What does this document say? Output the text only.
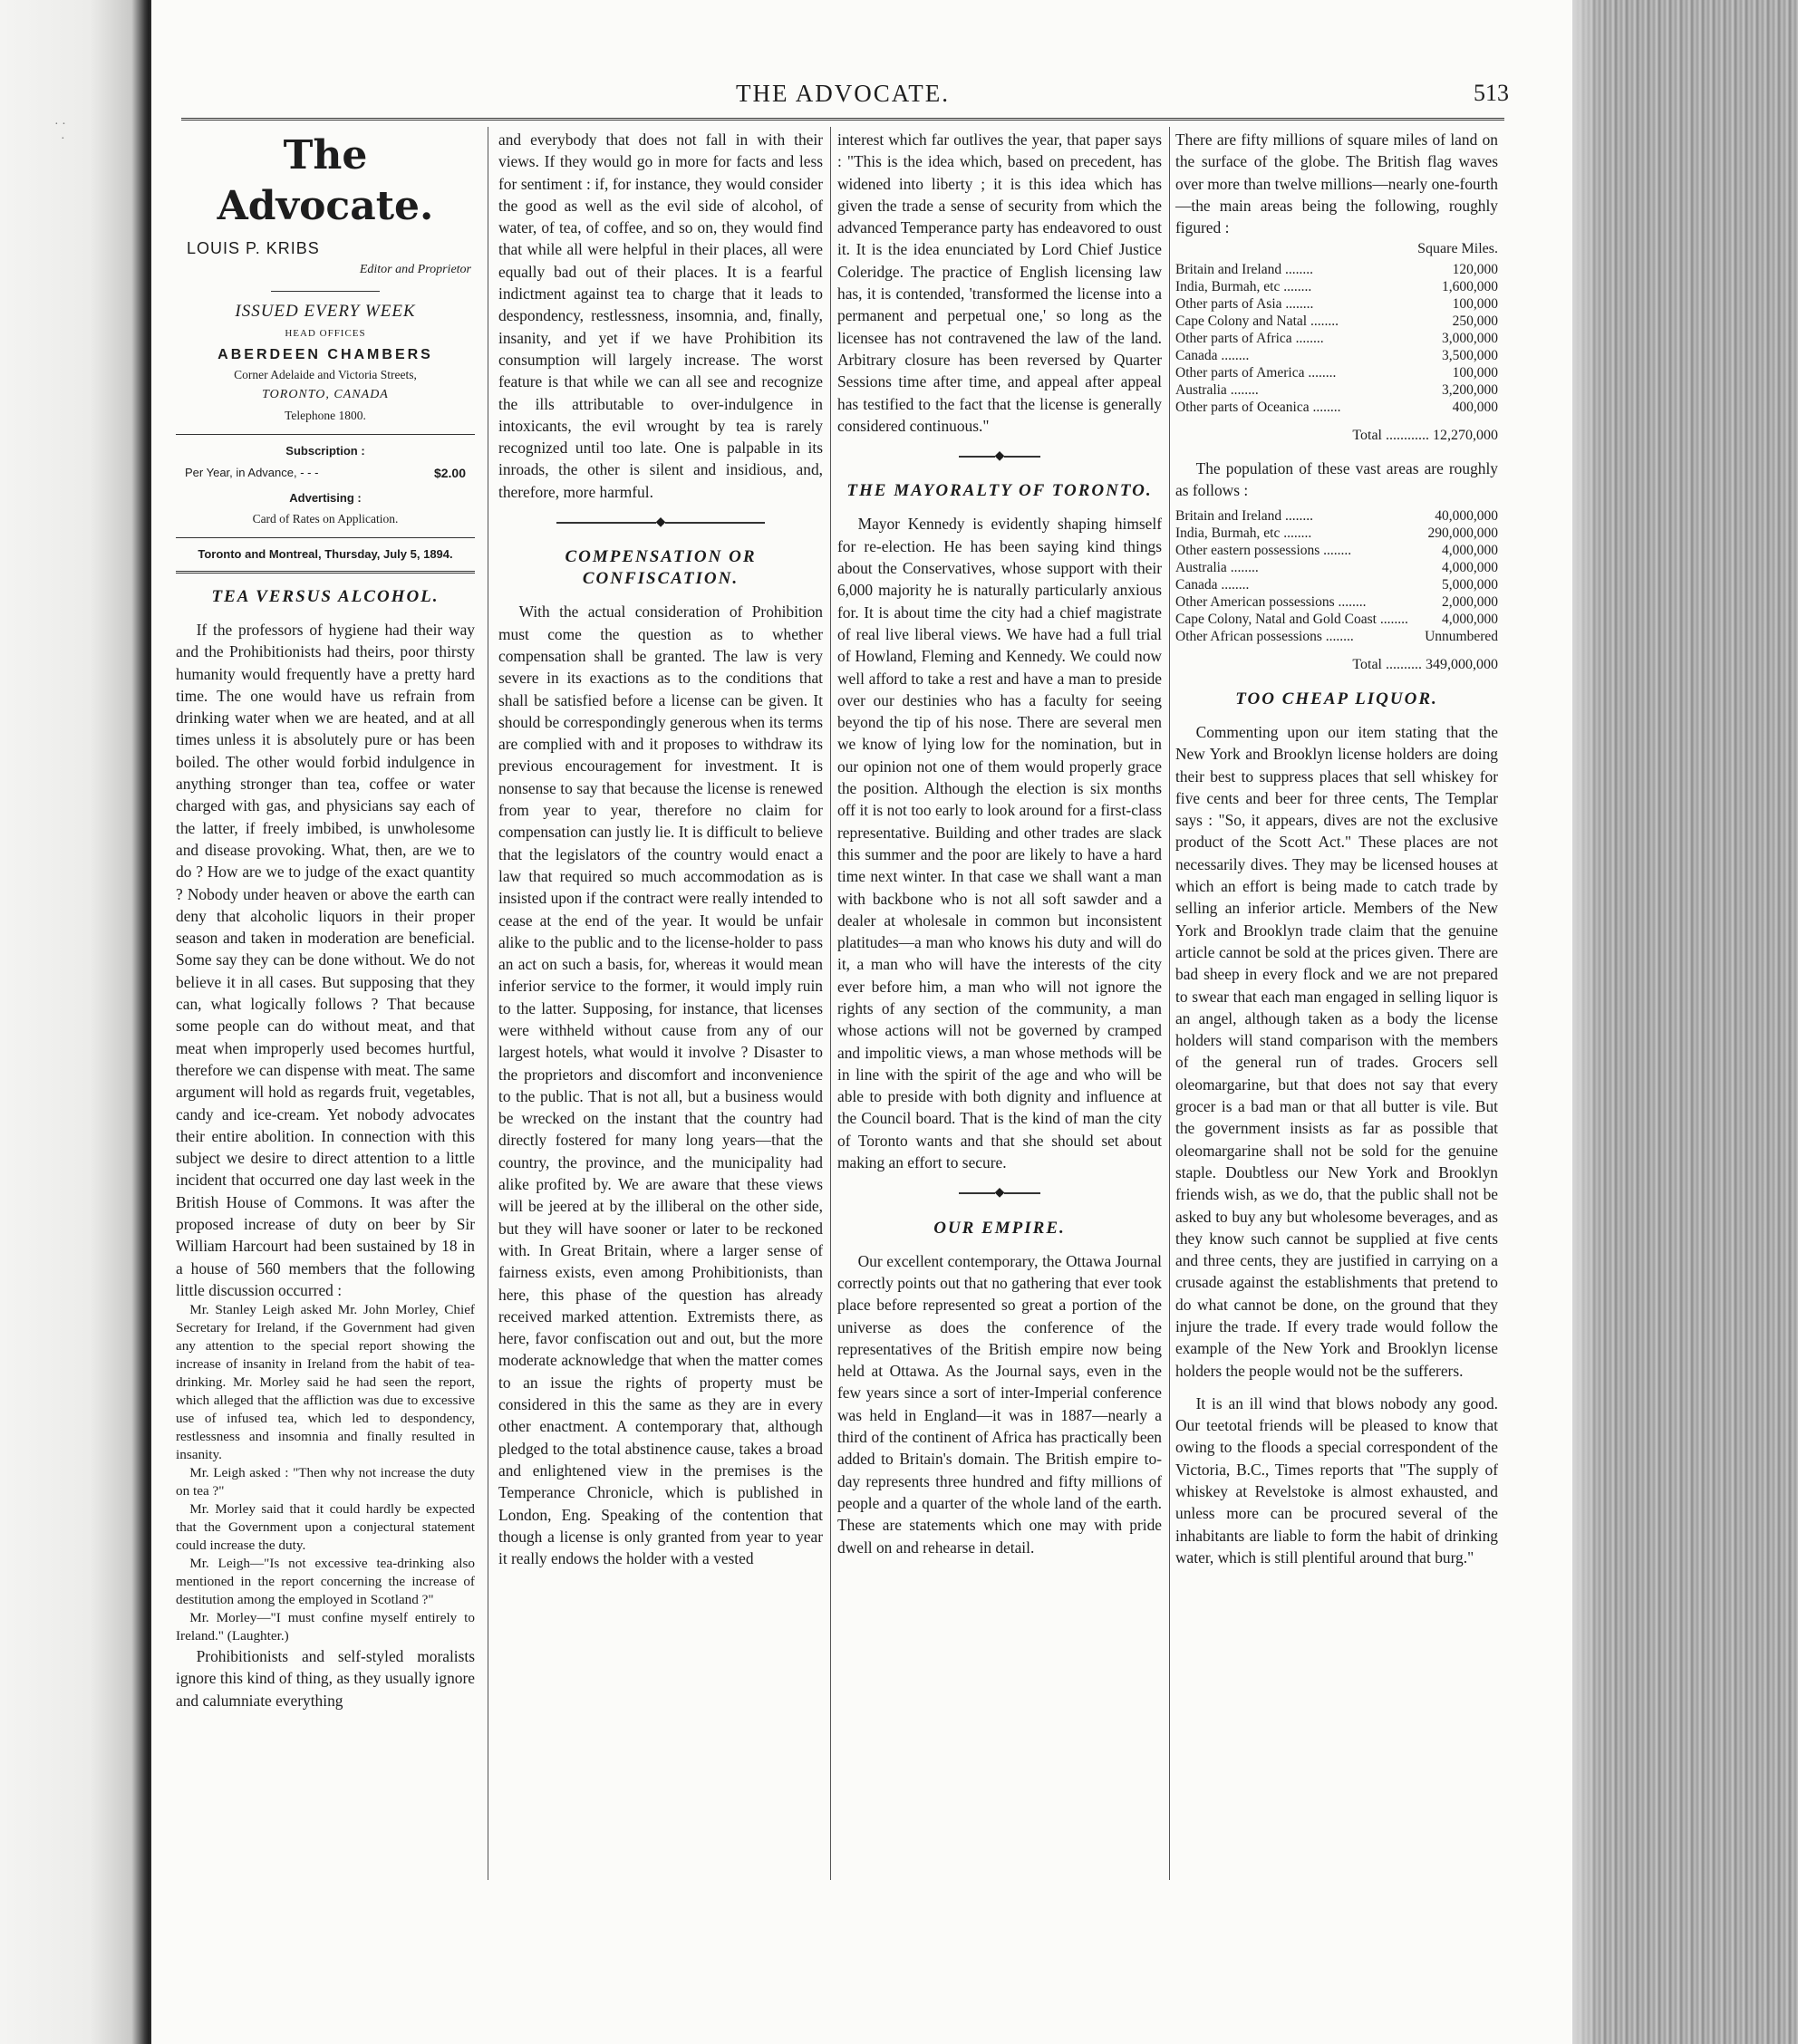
· ·
·
THE ADVOCATE.	513
The Advocate.
LOUIS P. KRIBS
Editor and Proprietor
ISSUED EVERY WEEK
HEAD OFFICES
ABERDEEN CHAMBERS
Corner Adelaide and Victoria Streets,
TORONTO, CANADA
Telephone 1800.
Subscription :
Per Year, in Advance, - - -	$2.00
Advertising :
Card of Rates on Application.
Toronto and Montreal, Thursday, July 5, 1894.
TEA VERSUS ALCOHOL.

If the professors of hygiene had their way and the Prohibitionists had theirs, poor thirsty humanity would frequently have a pretty hard time. The one would have us refrain from drinking water when we are heated, and at all times unless it is absolutely pure or has been boiled. The other would forbid indulgence in anything stronger than tea, coffee or water charged with gas, and physicians say each of the latter, if freely imbibed, is unwholesome and disease provoking. What, then, are we to do ? How are we to judge of the exact quantity ? Nobody under heaven or above the earth can deny that alcoholic liquors in their proper season and taken in moderation are beneficial. Some say they can be done without. We do not believe it in all cases. But supposing that they can, what logically follows ? That because some people can do without meat, and that meat when improperly used becomes hurtful, therefore we can dispense with meat. The same argument will hold as regards fruit, vegetables, candy and ice-cream. Yet nobody advocates their entire abolition. In connection with this subject we desire to direct attention to a little incident that occurred one day last week in the British House of Commons. It was after the proposed increase of duty on beer by Sir William Harcourt had been sustained by 18 in a house of 560 members that the following little discussion occurred :

Mr. Stanley Leigh asked Mr. John Morley, Chief Secretary for Ireland, if the Government had given any attention to the special report showing the increase of insanity in Ireland from the habit of tea-drinking. Mr. Morley said he had seen the report, which alleged that the affliction was due to excessive use of infused tea, which led to despondency, restlessness and insomnia and finally resulted in insanity.

Mr. Leigh asked : "Then why not increase the duty on tea ?"

Mr. Morley said that it could hardly be expected that the Government upon a conjectural statement could increase the duty.

Mr. Leigh—"Is not excessive tea-drinking also mentioned in the report concerning the increase of destitution among the employed in Scotland ?"

Mr. Morley—"I must confine myself entirely to Ireland." (Laughter.)

Prohibitionists and self-styled moralists ignore this kind of thing, as they usually ignore and calumniate everything

and everybody that does not fall in with their views. If they would go in more for facts and less for sentiment : if, for instance, they would consider the good as well as the evil side of alcohol, of water, of tea, of coffee, and so on, they would find that while all were helpful in their places, all were equally bad out of their places. It is a fearful indictment against tea to charge that it leads to despondency, restlessness, insomnia, and, finally, insanity, and yet if we have Prohibition its consumption will largely increase. The worst feature is that while we can all see and recognize the ills attributable to over-indulgence in intoxicants, the evil wrought by tea is rarely recognized until too late. One is palpable in its inroads, the other is silent and insidious, and, therefore, more harmful.

◆
COMPENSATION OR CONFISCATION.

With the actual consideration of Prohibition must come the question as to whether compensation shall be granted. The law is very severe in its exactions as to the conditions that shall be satisfied before a license can be given. It should be correspondingly generous when its terms are complied with and it proposes to withdraw its previous encouragement for investment. It is nonsense to say that because the license is renewed from year to year, therefore no claim for compensation can justly lie. It is difficult to believe that the legislators of the country would enact a law that required so much accommodation as is insisted upon if the contract were really intended to cease at the end of the year. It would be unfair alike to the public and to the license-holder to pass an act on such a basis, for, whereas it would mean inferior service to the former, it would imply ruin to the latter. Supposing, for instance, that licenses were withheld without cause from any of our largest hotels, what would it involve ? Disaster to the proprietors and discomfort and inconvenience to the public. That is not all, but a business would be wrecked on the instant that the country had directly fostered for many long years—that the country, the province, and the municipality had alike profited by. We are aware that these views will be jeered at by the illiberal on the other side, but they will have sooner or later to be reckoned with. In Great Britain, where a larger sense of fairness exists, even among Prohibitionists, than here, this phase of the question has already received marked attention. Extremists there, as here, favor confiscation out and out, but the more moderate acknowledge that when the matter comes to an issue the rights of property must be considered in this the same as they are in every other enactment. A contemporary that, although pledged to the total abstinence cause, takes a broad and enlightened view in the premises is the Temperance Chronicle, which is published in London, Eng. Speaking of the contention that though a license is only granted from year to year it really endows the holder with a vested

interest which far outlives the year, that paper says : "This is the idea which, based on precedent, has widened into liberty ; it is this idea which has given the trade a sense of security from which the advanced Temperance party has endeavored to oust it. It is the idea enunciated by Lord Chief Justice Coleridge. The practice of English licensing law has, it is contended, 'transformed the license into a permanent and perpetual one,' so long as the licensee has not contravened the law of the land. Arbitrary closure has been reversed by Quarter Sessions time after time, and appeal after appeal has testified to the fact that the license is generally considered continuous."

◆
THE MAYORALTY OF TORONTO.

Mayor Kennedy is evidently shaping himself for re-election. He has been saying kind things about the Conservatives, whose support with their 6,000 majority he is naturally particularly anxious for. It is about time the city had a chief magistrate of real live liberal views. We have had a full trial of Howland, Fleming and Kennedy. We could now well afford to take a rest and have a man to preside over our destinies who has a faculty for seeing beyond the tip of his nose. There are several men we know of lying low for the nomination, but in our opinion not one of them would properly grace the position. Although the election is six months off it is not too early to look around for a first-class representative. Building and other trades are slack this summer and the poor are likely to have a hard time next winter. In that case we shall want a man with backbone who is not all soft sawder and a dealer at wholesale in common but inconsistent platitudes—a man who knows his duty and will do it, a man who will have the interests of the city ever before him, a man who will not ignore the rights of any section of the community, a man whose actions will not be governed by cramped and impolitic views, a man whose methods will be in line with the spirit of the age and who will be able to preside with both dignity and influence at the Council board. That is the kind of man the city of Toronto wants and that she should set about making an effort to secure.

◆
OUR EMPIRE.

Our excellent contemporary, the Ottawa Journal correctly points out that no gathering that ever took place before represented so great a portion of the universe as does the conference of the representatives of the British empire now being held at Ottawa. As the Journal says, even in the few years since a sort of inter-Imperial conference was held in England—it was in 1887—nearly a third of the continent of Africa has practically been added to Britain's domain. The British empire to-day represents three hundred and fifty millions of people and a quarter of the whole land of the earth. These are statements which one may with pride dwell on and rehearse in detail.

There are fifty millions of square miles of land on the surface of the globe. The British flag waves over more than twelve millions—nearly one-fourth—the main areas being the following, roughly figured :

Square Miles.
Britain and Ireland ........	120,000
India, Burmah, etc ........	1,600,000
Other parts of Asia ........	100,000
Cape Colony and Natal ........	250,000
Other parts of Africa ........	3,000,000
Canada ........	3,500,000
Other parts of America ........	100,000
Australia ........	3,200,000
Other parts of Oceanica ........	400,000
Total ............ 12,270,000

The population of these vast areas are roughly as follows :

Britain and Ireland ........	40,000,000
India, Burmah, etc ........	290,000,000
Other eastern possessions ........	4,000,000
Australia ........	4,000,000
Canada ........	5,000,000
Other American possessions ........	2,000,000
Cape Colony, Natal and Gold Coast ........	4,000,000
Other African possessions ........	Unnumbered
Total .......... 349,000,000
TOO CHEAP LIQUOR.

Commenting upon our item stating that the New York and Brooklyn license holders are doing their best to suppress places that sell whiskey for five cents and beer for three cents, The Templar says : "So, it appears, dives are not the exclusive product of the Scott Act." These places are not necessarily dives. They may be licensed houses at which an effort is being made to catch trade by selling an inferior article. Members of the New York and Brooklyn trade claim that the genuine article cannot be sold at the prices given. There are bad sheep in every flock and we are not prepared to swear that each man engaged in selling liquor is an angel, although taken as a body the license holders will stand comparison with the members of the general run of trades. Grocers sell oleomargarine, but that does not say that every grocer is a bad man or that all butter is vile. But the government insists as far as possible that oleomargarine shall not be sold for the genuine staple. Doubtless our New York and Brooklyn friends wish, as we do, that the public shall not be asked to buy any but wholesome beverages, and as they know such cannot be supplied at five cents and three cents, they are justified in carrying on a crusade against the establishments that pretend to do what cannot be done, on the ground that they injure the trade. If every trade would follow the example of the New York and Brooklyn license holders the people would not be the sufferers.

It is an ill wind that blows nobody any good. Our teetotal friends will be pleased to know that owing to the floods a special correspondent of the Victoria, B.C., Times reports that "The supply of whiskey at Revelstoke is almost exhausted, and unless more can be procured several of the inhabitants are liable to form the habit of drinking water, which is still plentiful around that burg."
